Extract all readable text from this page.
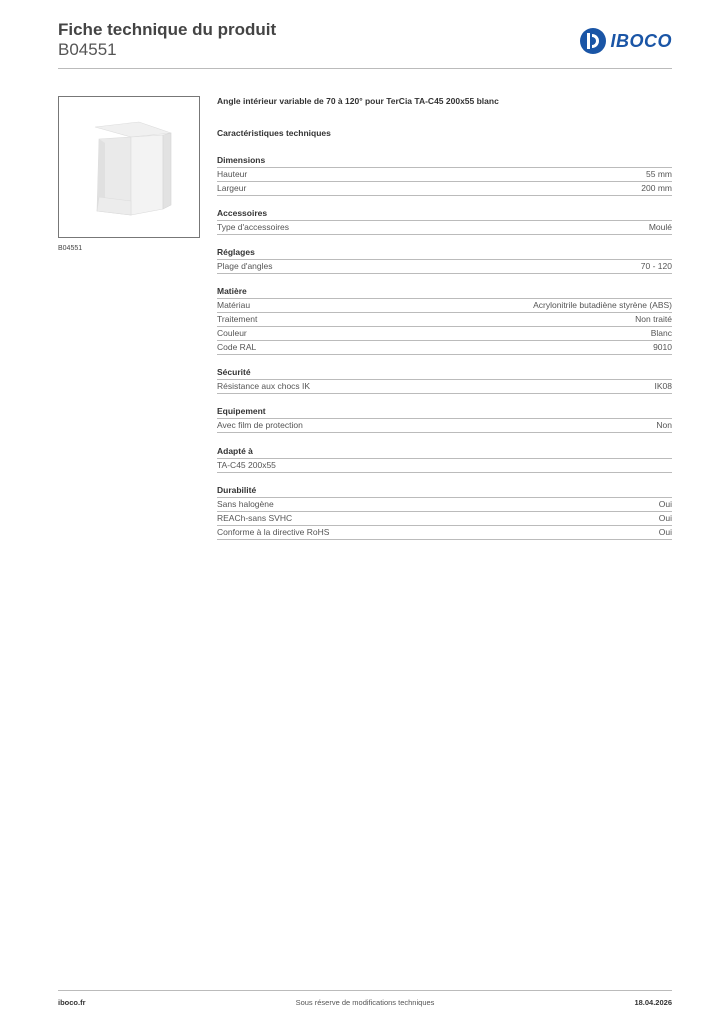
Fiche technique du produit
B04551	IBOCO
B04551
Angle intérieur variable de 70 à 120° pour TerCia TA-C45 200x55 blanc
Caractéristiques techniques
Dimensions
Hauteur	55 mm
Largeur	200 mm
Accessoires
Type d'accessoires	Moulé
Réglages
Plage d'angles	70 - 120
Matière
Matériau	Acrylonitrile butadiène styrène (ABS)
Traitement	Non traité
Couleur	Blanc
Code RAL	9010
Sécurité
Résistance aux chocs IK	IK08
Equipement
Avec film de protection	Non
Adapté à
TA-C45 200x55
Durabilité
Sans halogène	Oui
REACh-sans SVHC	Oui
Conforme à la directive RoHS	Oui
iboco.fr	Sous réserve de modifications techniques	18.04.2026
